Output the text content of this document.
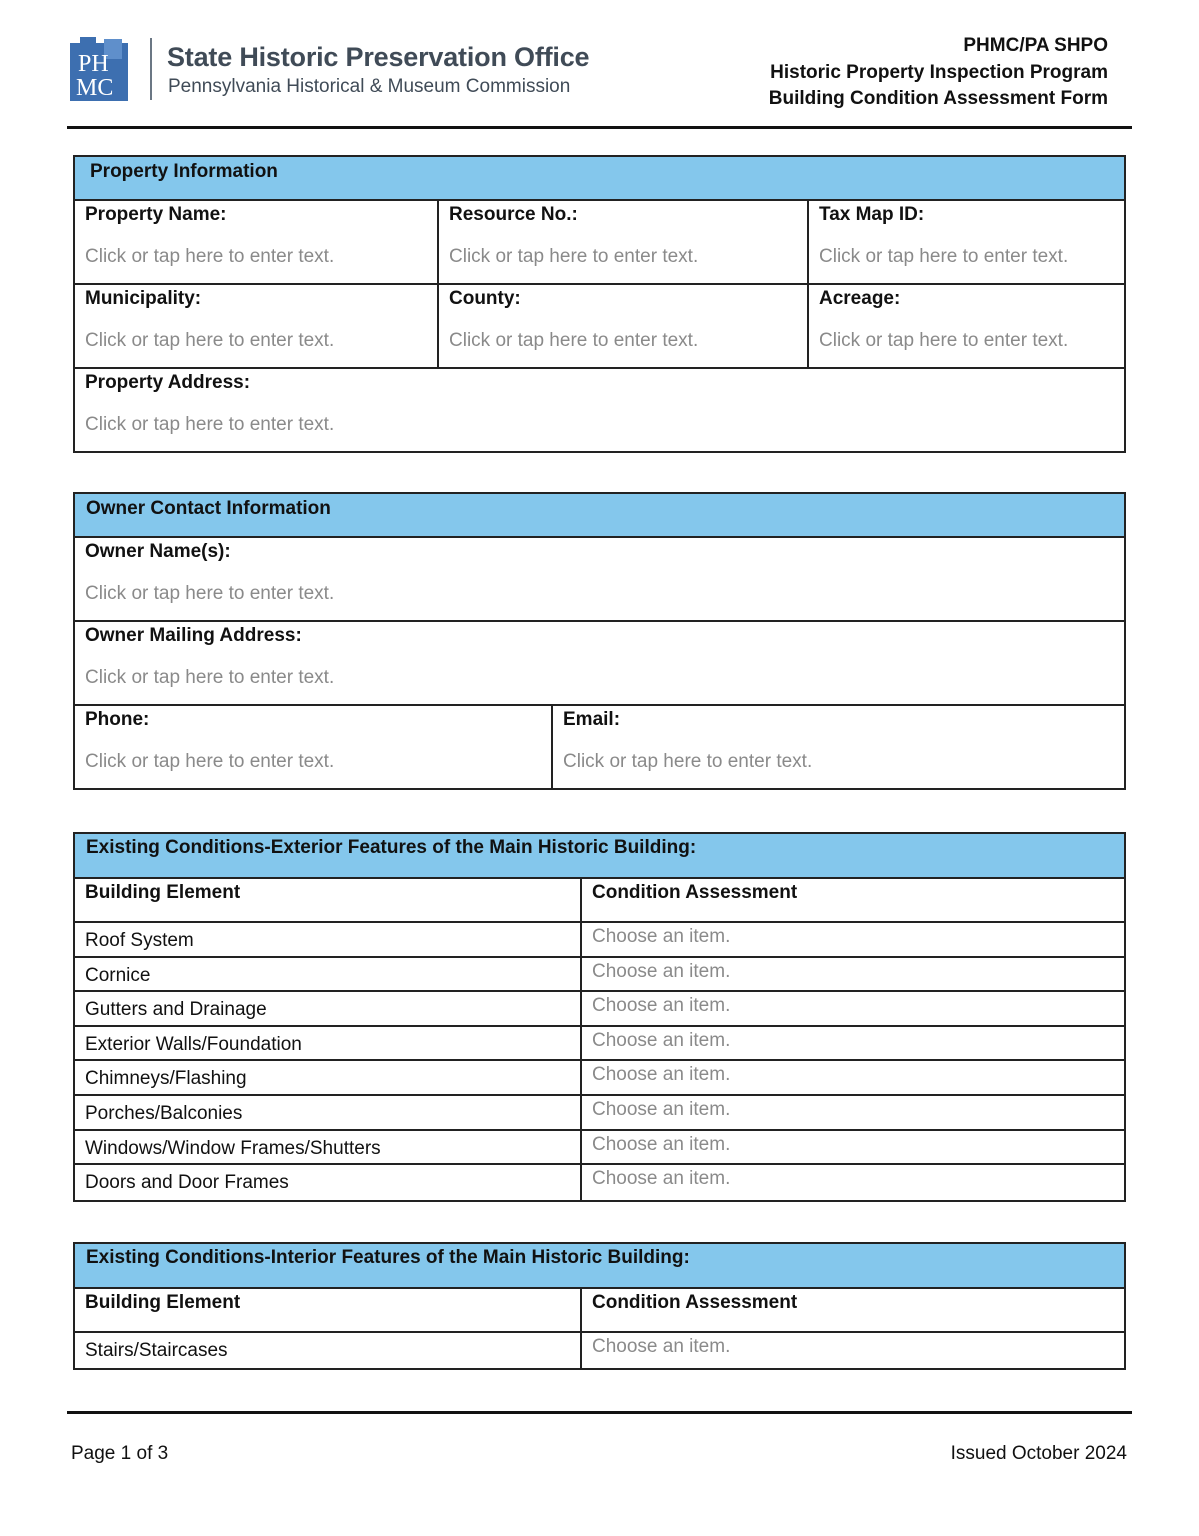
PH
MC
State Historic Preservation Office
Pennsylvania Historical & Museum Commission
PHMC/PA SHPO
Historic Property Inspection Program
Building Condition Assessment Form
Property Information
Property Name:
Click or tap here to enter text.
Resource No.:
Click or tap here to enter text.
Tax Map ID:
Click or tap here to enter text.
Municipality:
Click or tap here to enter text.
County:
Click or tap here to enter text.
Acreage:
Click or tap here to enter text.
Property Address:
Click or tap here to enter text.
Owner Contact Information
Owner Name(s):
Click or tap here to enter text.
Owner Mailing Address:
Click or tap here to enter text.
Phone:
Click or tap here to enter text.
Email:
Click or tap here to enter text.
Existing Conditions-Exterior Features of the Main Historic Building:
Building Element	Condition Assessment
Roof System	Choose an item.
Cornice	Choose an item.
Gutters and Drainage	Choose an item.
Exterior Walls/Foundation	Choose an item.
Chimneys/Flashing	Choose an item.
Porches/Balconies	Choose an item.
Windows/Window Frames/Shutters	Choose an item.
Doors and Door Frames	Choose an item.
Existing Conditions-Interior Features of the Main Historic Building:
Building Element	Condition Assessment
Stairs/Staircases	Choose an item.
Page 1 of 3	Issued October 2024
